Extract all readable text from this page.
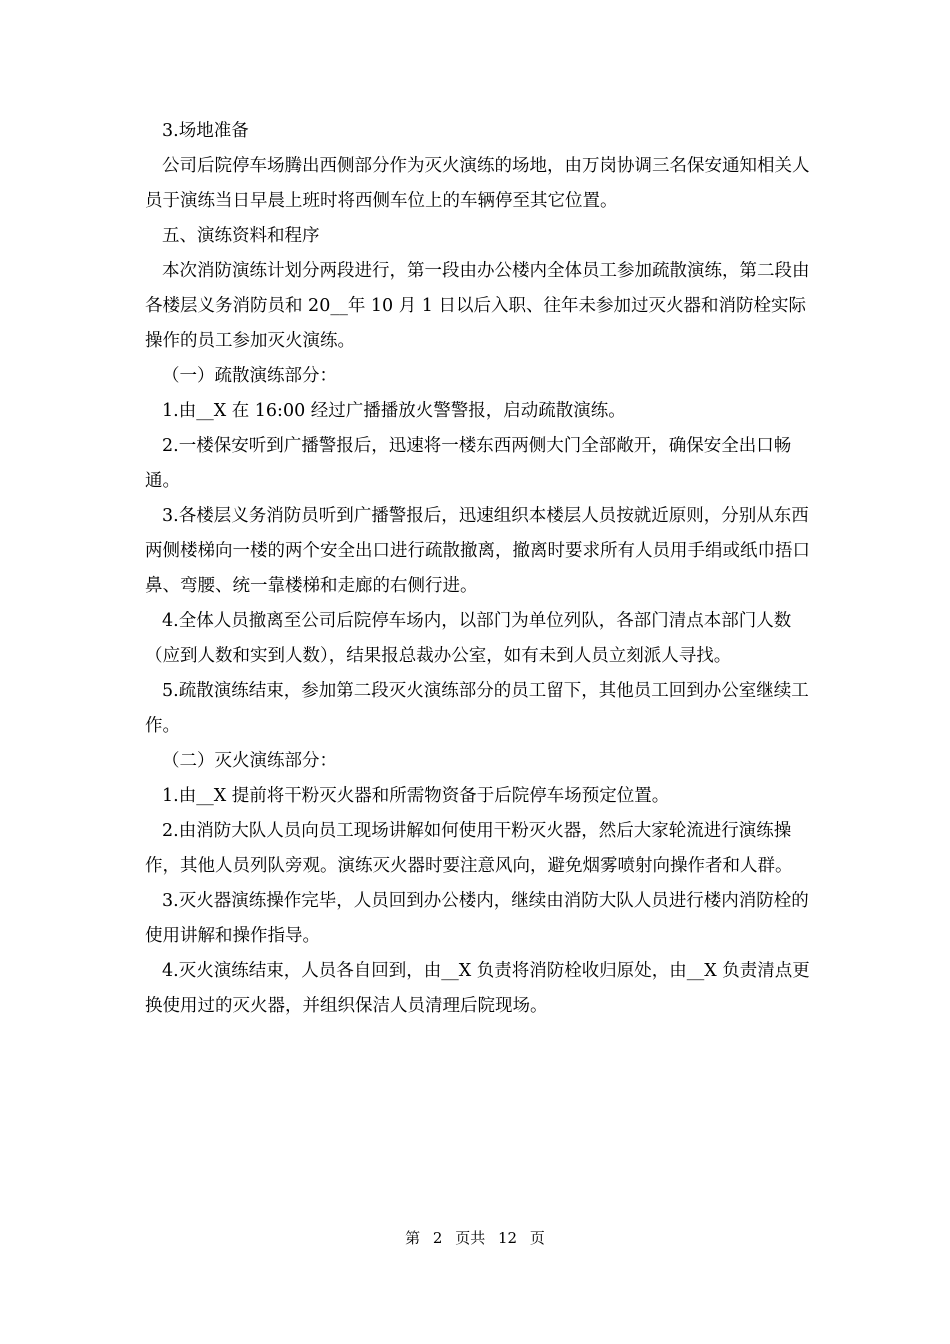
3.场地准备

公司后院停车场腾出西侧部分作为灭火演练的场地，由万岗协调三名保安通知相关人员于演练当日早晨上班时将西侧车位上的车辆停至其它位置。

五、演练资料和程序

本次消防演练计划分两段进行，第一段由办公楼内全体员工参加疏散演练，第二段由各楼层义务消防员和 20__年 10 月 1 日以后入职、往年未参加过灭火器和消防栓实际操作的员工参加灭火演练。

（一）疏散演练部分：

1.由__X 在 16:00 经过广播播放火警警报，启动疏散演练。

2.一楼保安听到广播警报后，迅速将一楼东西两侧大门全部敞开，确保安全出口畅通。

3.各楼层义务消防员听到广播警报后，迅速组织本楼层人员按就近原则，分别从东西两侧楼梯向一楼的两个安全出口进行疏散撤离，撤离时要求所有人员用手绢或纸巾捂口鼻、弯腰、统一靠楼梯和走廊的右侧行进。

4.全体人员撤离至公司后院停车场内，以部门为单位列队，各部门清点本部门人数（应到人数和实到人数），结果报总裁办公室，如有未到人员立刻派人寻找。

5.疏散演练结束，参加第二段灭火演练部分的员工留下，其他员工回到办公室继续工作。

（二）灭火演练部分：

1.由__X 提前将干粉灭火器和所需物资备于后院停车场预定位置。

2.由消防大队人员向员工现场讲解如何使用干粉灭火器，然后大家轮流进行演练操作，其他人员列队旁观。演练灭火器时要注意风向，避免烟雾喷射向操作者和人群。

3.灭火器演练操作完毕，人员回到办公楼内，继续由消防大队人员进行楼内消防栓的使用讲解和操作指导。

4.灭火演练结束，人员各自回到，由__X 负责将消防栓收归原处，由__X 负责清点更换使用过的灭火器，并组织保洁人员清理后院现场。

第 2 页共 12 页
